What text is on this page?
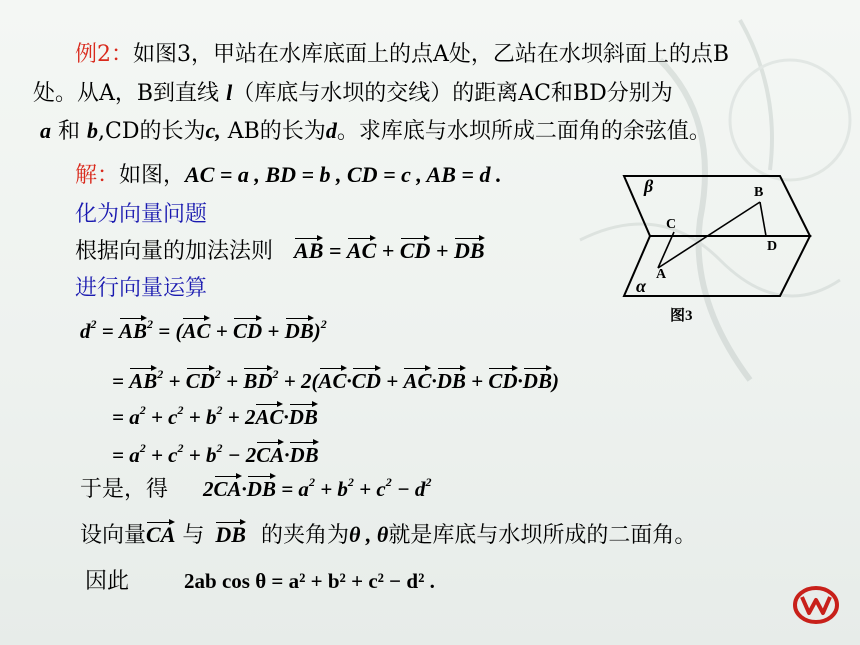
例2：如图3，甲站在水库底面上的点A处，乙站在水坝斜面上的点B
处。从A，B到直线 l（库底与水坝的交线）的距离AC和BD分别为
a 和 b,CD的长为c, AB的长为d。求库底与水坝所成二面角的余弦值。
解：如图，AC = a , BD = b , CD = c , AB = d .
化为向量问题
根据向量的加法法则 AB = AC + CD + DB
进行向量运算
$d^2 = AB^2 = (AC$ + CD + DB)$^2$
= $AB^2 + CD^2 + BD^2 + 2(AC\cdot CD + AC\cdot DB + CD\cdot DB)$
= $a^2 + c^2 + b^2 + 2AC\cdot DB$
= $a^2 + c^2 + b^2 - 2CA\cdot DB$
于是，得 $2CA\cdot DB = a^2 + b^2 + c^2 - d^2$
设向量CA 与 DB 的夹角为θ , θ就是库底与水坝所成的二面角。
因此	2ab cos θ = a² + b² + c² − d² .
β	B
C
D
A
α
图3
